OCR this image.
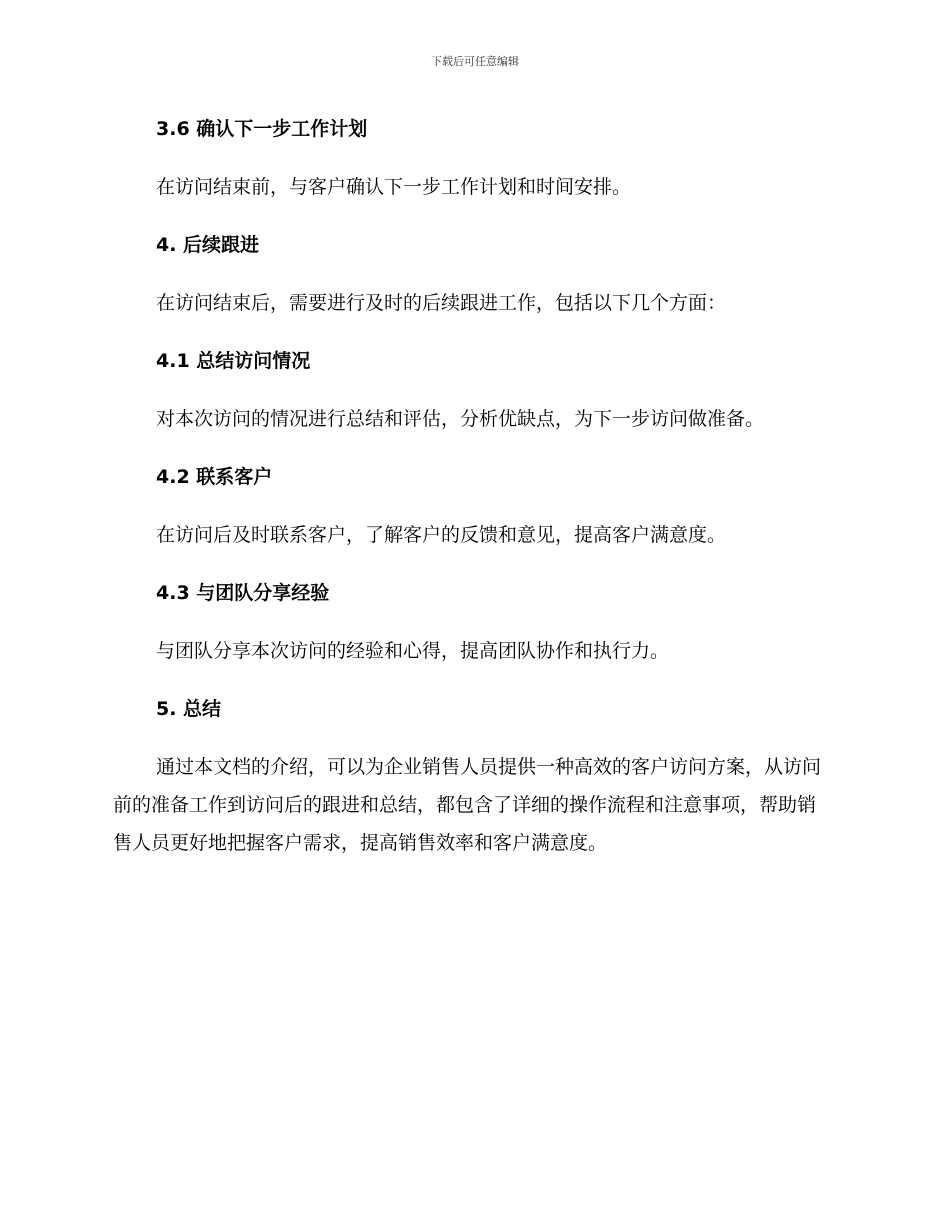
下载后可任意编辑
3.6 确认下一步工作计划

在访问结束前，与客户确认下一步工作计划和时间安排。

4. 后续跟进

在访问结束后，需要进行及时的后续跟进工作，包括以下几个方面：

4.1 总结访问情况

对本次访问的情况进行总结和评估，分析优缺点，为下一步访问做准备。

4.2 联系客户

在访问后及时联系客户，了解客户的反馈和意见，提高客户满意度。

4.3 与团队分享经验

与团队分享本次访问的经验和心得，提高团队协作和执行力。

5. 总结

通过本文档的介绍，可以为企业销售人员提供一种高效的客户访问方案，从访问前的准备工作到访问后的跟进和总结，都包含了详细的操作流程和注意事项，帮助销售人员更好地把握客户需求，提高销售效率和客户满意度。
